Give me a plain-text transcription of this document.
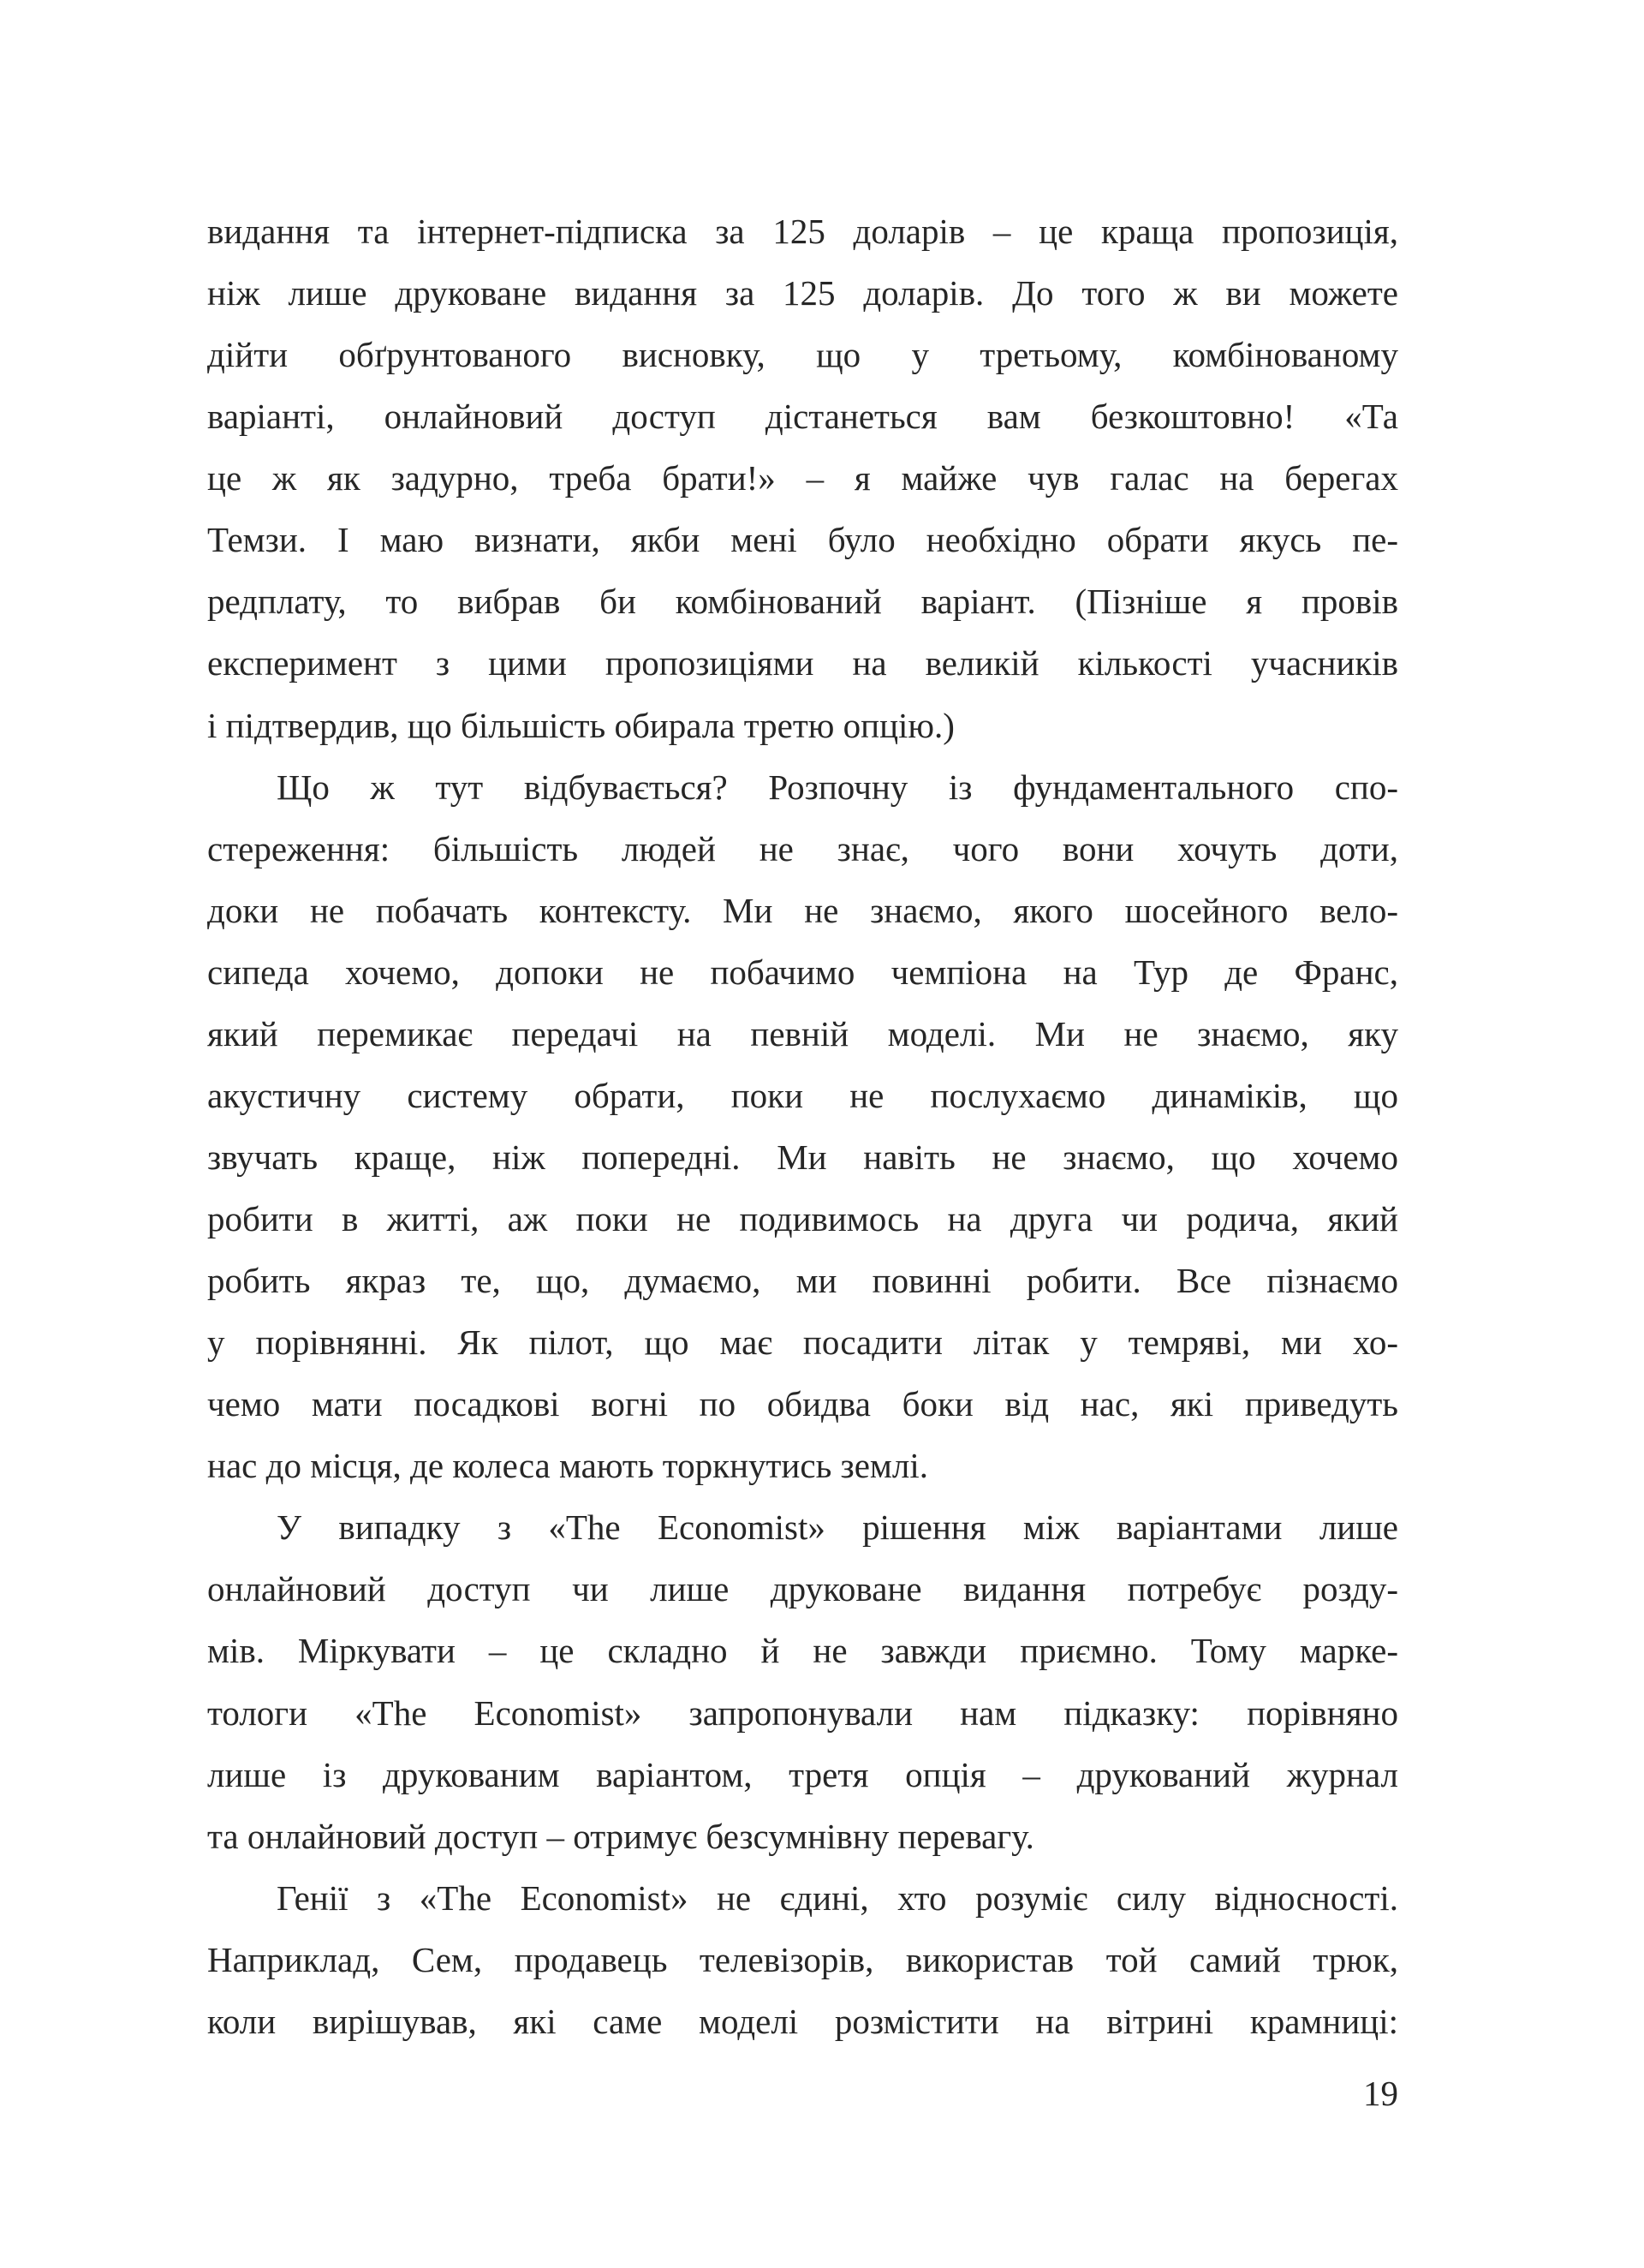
видання та інтернет-підписка за 125 доларів – це краща пропозиція,
ніж лише друковане видання за 125 доларів. До того ж ви можете
дійти обґрунтованого висновку, що у третьому, комбінованому
варіанті, онлайновий доступ дістанеться вам безкоштовно! «Та
це ж як задурно, треба брати!» – я майже чув галас на берегах
Темзи. І маю визнати, якби мені було необхідно обрати якусь пе-
редплату, то вибрав би комбінований варіант. (Пізніше я провів
експеримент з цими пропозиціями на великій кількості учасників
і підтвердив, що більшість обирала третю опцію.)
Що ж тут відбувається? Розпочну із фундаментального спо-
стереження: більшість людей не знає, чого вони хочуть доти,
доки не побачать контексту. Ми не знаємо, якого шосейного вело-
сипеда хочемо, допоки не побачимо чемпіона на Тур де Франс,
який перемикає передачі на певній моделі. Ми не знаємо, яку
акустичну систему обрати, поки не послухаємо динаміків, що
звучать краще, ніж попередні. Ми навіть не знаємо, що хочемо
робити в житті, аж поки не подивимось на друга чи родича, який
робить якраз те, що, думаємо, ми повинні робити. Все пізнаємо
у порівнянні. Як пілот, що має посадити літак у темряві, ми хо-
чемо мати посадкові вогні по обидва боки від нас, які приведуть
нас до місця, де колеса мають торкнутись землі.
У випадку з «The Economist» рішення між варіантами лише
онлайновий доступ чи лише друковане видання потребує розду-
мів. Міркувати – це складно й не завжди приємно. Тому марке-
тологи «The Economist» запропонували нам підказку: порівняно
лише із друкованим варіантом, третя опція – друкований журнал
та онлайновий доступ – отримує безсумнівну перевагу.
Генії з «The Economist» не єдині, хто розуміє силу відносності.
Наприклад, Сем, продавець телевізорів, використав той самий трюк,
коли вирішував, які саме моделі розмістити на вітрині крамниці:
19
